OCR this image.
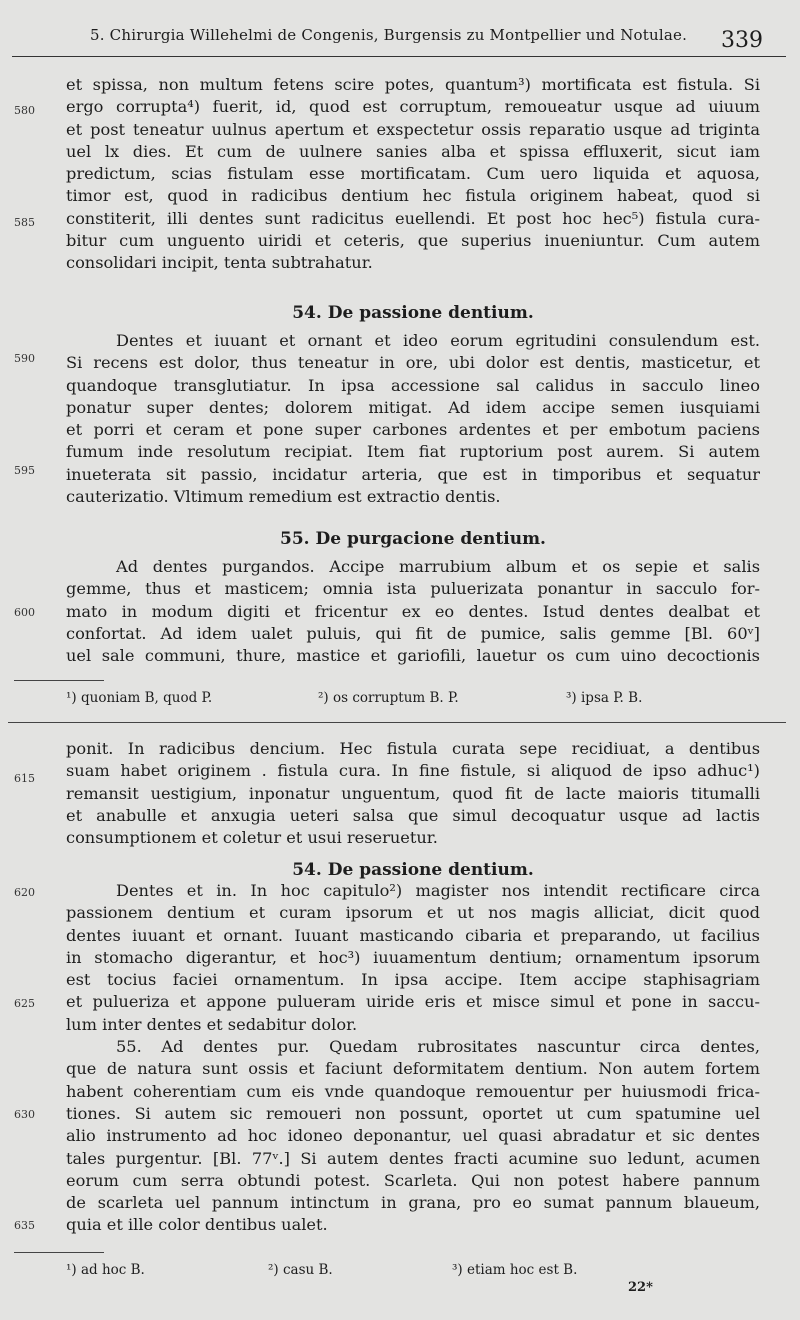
5. Chirurgia Willehelmi de Congenis, Burgensis zu Montpellier und Notulae. 339
580
585
590
595
600
615
620
625
630
635
et spissa, non multum fetens scire potes, quantum³) mortificata est fistula. Si
ergo corrupta⁴) fuerit, id, quod est corruptum, remoueatur usque ad uiuum
et post teneatur uulnus apertum et exspectetur ossis reparatio usque ad triginta
uel lx dies. Et cum de uulnere sanies alba et spissa effluxerit, sicut iam
predictum, scias fistulam esse mortificatam. Cum uero liquida et aquosa,
timor est, quod in radicibus dentium hec fistula originem habeat, quod si
constiterit, illi dentes sunt radicitus euellendi. Et post hoc hec⁵) fistula cura-
bitur cum unguento uiridi et ceteris, que superius inueniuntur. Cum autem
consolidari incipit, tenta subtrahatur.
54. De passione dentium.
Dentes et iuuant et ornant et ideo eorum egritudini consulendum est.
Si recens est dolor, thus teneatur in ore, ubi dolor est dentis, masticetur, et
quandoque transglutiatur. In ipsa accessione sal calidus in sacculo lineo
ponatur super dentes; dolorem mitigat. Ad idem accipe semen iusquiami
et porri et ceram et pone super carbones ardentes et per embotum paciens
fumum inde resolutum recipiat. Item fiat ruptorium post aurem. Si autem
inueterata sit passio, incidatur arteria, que est in timporibus et sequatur
cauterizatio. Vltimum remedium est extractio dentis.
55. De purgacione dentium.
Ad dentes purgandos. Accipe marrubium album et os sepie et salis
gemme, thus et masticem; omnia ista puluerizata ponantur in sacculo for-
mato in modum digiti et fricentur ex eo dentes. Istud dentes dealbat et
confortat. Ad idem ualet puluis, qui fit de pumice, salis gemme [Bl. 60ᵛ]
uel sale communi, thure, mastice et gariofili, lauetur os cum uino decoctionis
¹) quoniam B, quod P.	²) os corruptum B. P.	³) ipsa P. B.
ponit. In radicibus dencium. Hec fistula curata sepe recidiuat, a dentibus
suam habet originem . fistula cura. In fine fistule, si aliquod de ipso adhuc¹)
remansit uestigium, inponatur unguentum, quod fit de lacte maioris titumalli
et anabulle et anxugia ueteri salsa que simul decoquatur usque ad lactis
consumptionem et coletur et usui reseruetur.
54. De passione dentium.
Dentes et in. In hoc capitulo²) magister nos intendit rectificare circa
passionem dentium et curam ipsorum et ut nos magis alliciat, dicit quod
dentes iuuant et ornant. Iuuant masticando cibaria et preparando, ut facilius
in stomacho digerantur, et hoc³) iuuamentum dentium; ornamentum ipsorum
est tocius faciei ornamentum. In ipsa accipe. Item accipe staphisagriam
et pulueriza et appone pulueram uiride eris et misce simul et pone in saccu-
lum inter dentes et sedabitur dolor.
55. Ad dentes pur. Quedam rubrositates nascuntur circa dentes,
que de natura sunt ossis et faciunt deformitatem dentium. Non autem fortem
habent coherentiam cum eis vnde quandoque remouentur per huiusmodi frica-
tiones. Si autem sic remoueri non possunt, oportet ut cum spatumine uel
alio instrumento ad hoc idoneo deponantur, uel quasi abradatur et sic dentes
tales purgentur. [Bl. 77ᵛ.] Si autem dentes fracti acumine suo ledunt, acumen
eorum cum serra obtundi potest. Scarleta. Qui non potest habere pannum
de scarleta uel pannum intinctum in grana, pro eo sumat pannum blaueum,
quia et ille color dentibus ualet.
¹) ad hoc B.	²) casu B.	³) etiam hoc est B.
22*
